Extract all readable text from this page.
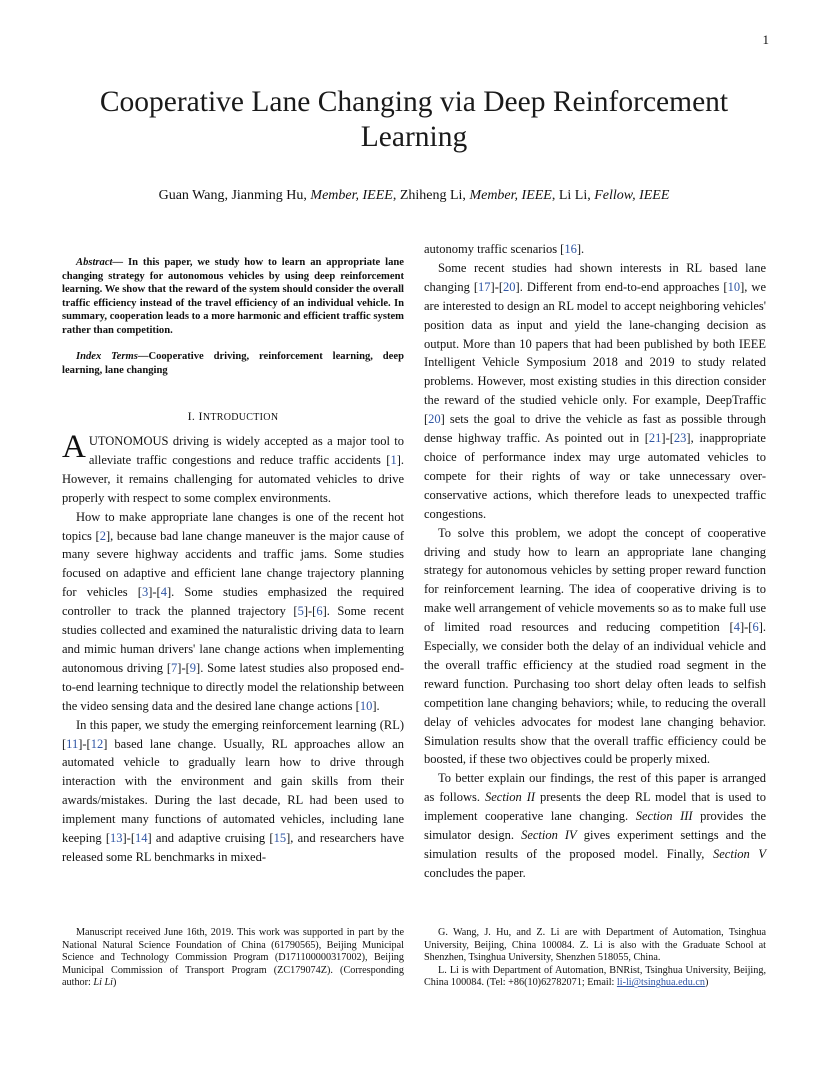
1
Cooperative Lane Changing via Deep Reinforcement Learning
Guan Wang, Jianming Hu, Member, IEEE, Zhiheng Li, Member, IEEE, Li Li, Fellow, IEEE
Abstract— In this paper, we study how to learn an appropriate lane changing strategy for autonomous vehicles by using deep reinforcement learning. We show that the reward of the system should consider the overall traffic efficiency instead of the travel efficiency of an individual vehicle. In summary, cooperation leads to a more harmonic and efficient traffic system rather than competition.
Index Terms—Cooperative driving, reinforcement learning, deep learning, lane changing
I. INTRODUCTION

AUTONOMOUS driving is widely accepted as a major tool to alleviate traffic congestions and reduce traffic accidents [1]. However, it remains challenging for automated vehicles to drive properly with respect to some complex environments.

How to make appropriate lane changes is one of the recent hot topics [2], because bad lane change maneuver is the major cause of many severe highway accidents and traffic jams. Some studies focused on adaptive and efficient lane change trajectory planning for vehicles [3]-[4]. Some studies emphasized the required controller to track the planned trajectory [5]-[6]. Some recent studies collected and examined the naturalistic driving data to learn and mimic human drivers' lane change actions when implementing autonomous driving [7]-[9]. Some latest studies also proposed end-to-end learning technique to directly model the relationship between the video sensing data and the desired lane change actions [10].

In this paper, we study the emerging reinforcement learning (RL) [11]-[12] based lane change. Usually, RL approaches allow an automated vehicle to gradually learn how to drive through interaction with the environment and gain skills from their awards/mistakes. During the last decade, RL had been used to implement many functions of automated vehicles, including lane keeping [13]-[14] and adaptive cruising [15], and researchers have released some RL benchmarks in mixed-

autonomy traffic scenarios [16].

Some recent studies had shown interests in RL based lane changing [17]-[20]. Different from end-to-end approaches [10], we are interested to design an RL model to accept neighboring vehicles' position data as input and yield the lane-changing decision as output. More than 10 papers that had been published by both IEEE Intelligent Vehicle Symposium 2018 and 2019 to study related problems. However, most existing studies in this direction consider the reward of the studied vehicle only. For example, DeepTraffic [20] sets the goal to drive the vehicle as fast as possible through dense highway traffic. As pointed out in [21]-[23], inappropriate choice of performance index may urge automated vehicles to compete for their rights of way or take unnecessary over-conservative actions, which therefore leads to unexpected traffic congestions.

To solve this problem, we adopt the concept of cooperative driving and study how to learn an appropriate lane changing strategy for autonomous vehicles by setting proper reward function for reinforcement learning. The idea of cooperative driving is to make well arrangement of vehicle movements so as to make full use of limited road resources and reducing competition [4]-[6]. Especially, we consider both the delay of an individual vehicle and the overall traffic efficiency at the studied road segment in the reward function. Purchasing too short delay often leads to selfish competition lane changing behaviors; while, to reducing the overall delay of vehicles advocates for modest lane changing behavior. Simulation results show that the overall traffic efficiency could be boosted, if these two objectives could be properly mixed.

To better explain our findings, the rest of this paper is arranged as follows. Section II presents the deep RL model that is used to implement cooperative lane changing. Section III provides the simulator design. Section IV gives experiment settings and the simulation results of the proposed model. Finally, Section V concludes the paper.

Manuscript received June 16th, 2019. This work was supported in part by the National Natural Science Foundation of China (61790565), Beijing Municipal Science and Technology Commission Program (D171100000317002), Beijing Municipal Commission of Transport Program (ZC179074Z). (Corresponding author: Li Li)

G. Wang, J. Hu, and Z. Li are with Department of Automation, Tsinghua University, Beijing, China 100084. Z. Li is also with the Graduate School at Shenzhen, Tsinghua University, Shenzhen 518055, China.

L. Li is with Department of Automation, BNRist, Tsinghua University, Beijing, China 100084. (Tel: +86(10)62782071; Email: li-li@tsinghua.edu.cn)
